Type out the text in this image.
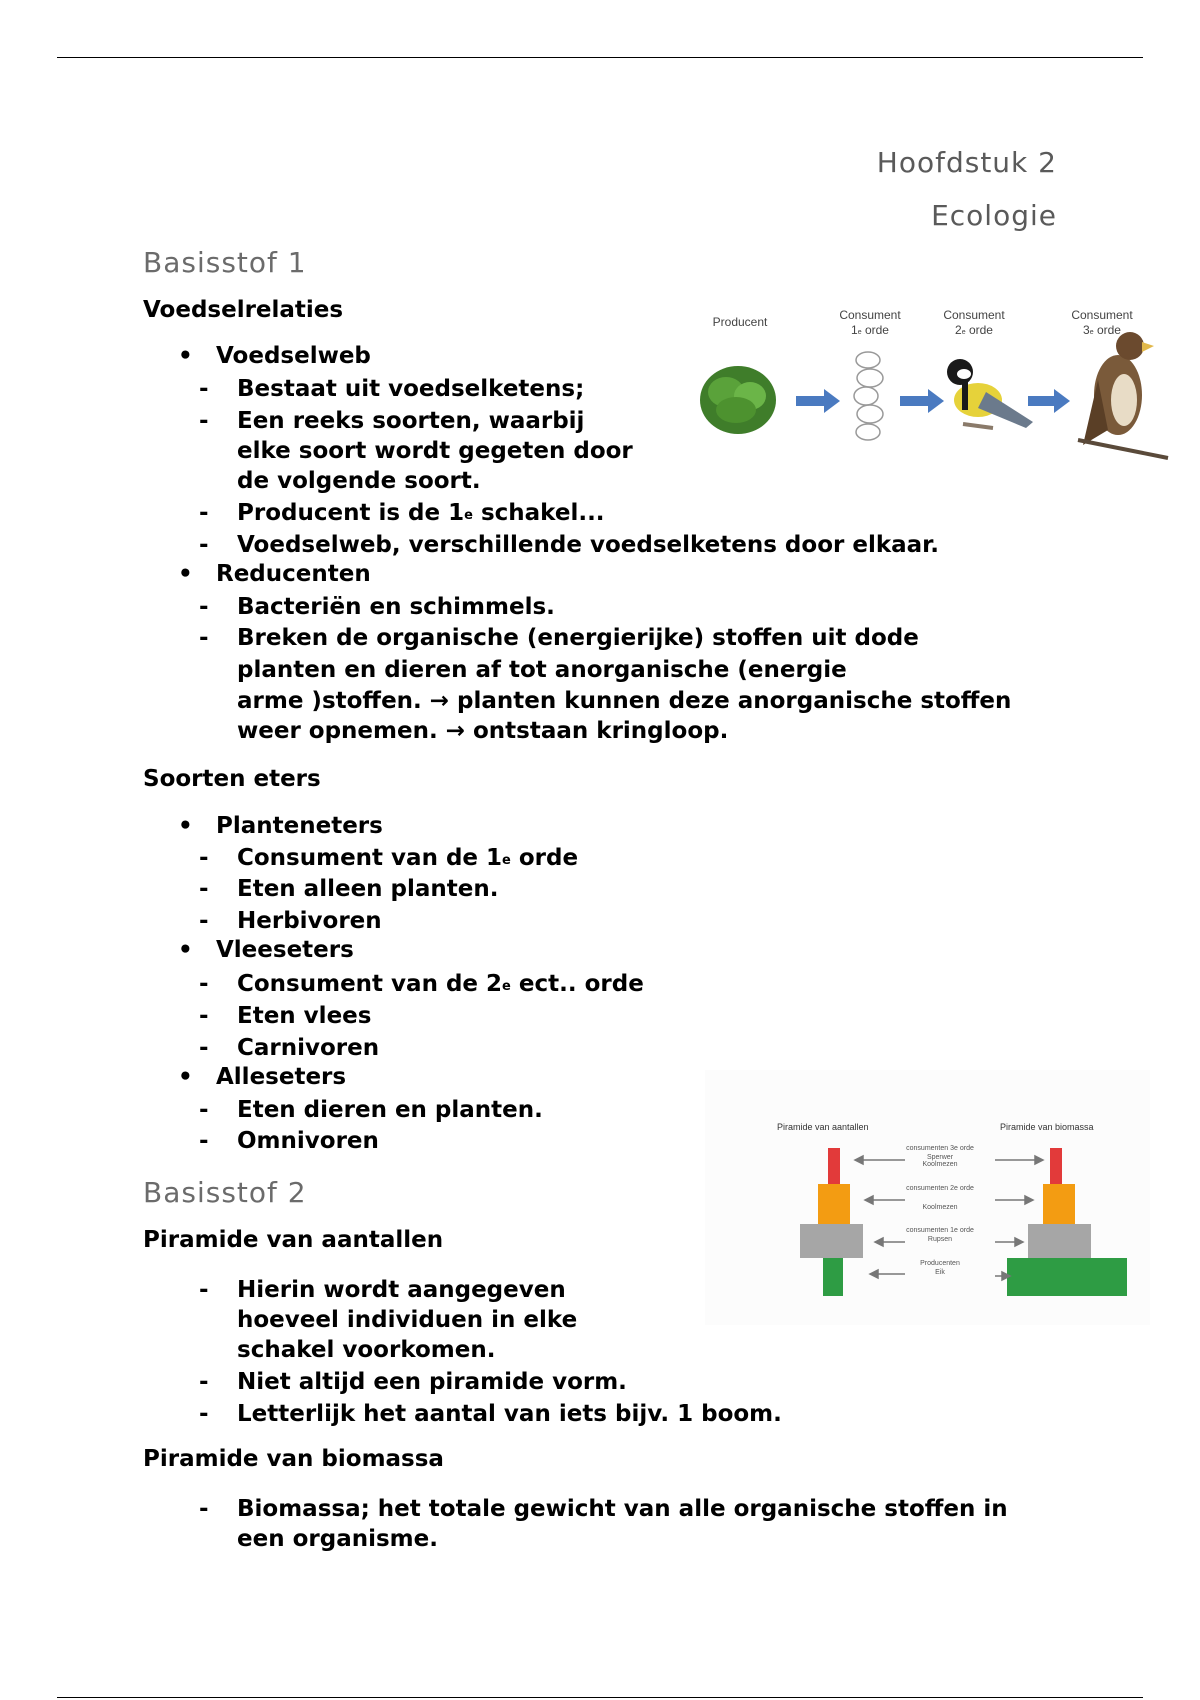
Hoofdstuk 2
Ecologie
Basisstof 1
Voedselrelaties
Voedselweb
- Bestaat uit voedselketens;
- Een reeks soorten, waarbij
elke soort wordt gegeten door
de volgende soort.
- Producent is de 1e schakel...
- Voedselweb, verschillende voedselketens door elkaar.
Reducenten
- Bacteriën en schimmels.
- Breken de organische (energierijke) stoffen uit dode
planten en dieren af tot anorganische (energie
arme )stoffen. → planten kunnen deze anorganische stoffen
weer opnemen. → ontstaan kringloop.
Soorten eters
Planteneters
- Consument van de 1e orde
- Eten alleen planten.
- Herbivoren
Vleeseters
- Consument van de 2e ect.. orde
- Eten vlees
- Carnivoren
Alleseters
- Eten dieren en planten.
- Omnivoren
Basisstof 2
Piramide van aantallen
- Hierin wordt aangegeven
hoeveel individuen in elke
schakel voorkomen.
- Niet altijd een piramide vorm.
- Letterlijk het aantal van iets bijv. 1 boom.
Piramide van biomassa
- Biomassa; het totale gewicht van alle organische stoffen in
een organisme.
Producent	Consument
1e orde
Consument
2e orde
Consument
3e orde
Piramide van aantallen	Piramide van biomassa
consumenten 3e orde
Sperwer
Koolmezen
consumenten 2e orde
Koolmezen
consumenten 1e orde
Rupsen
Producenten
Eik
